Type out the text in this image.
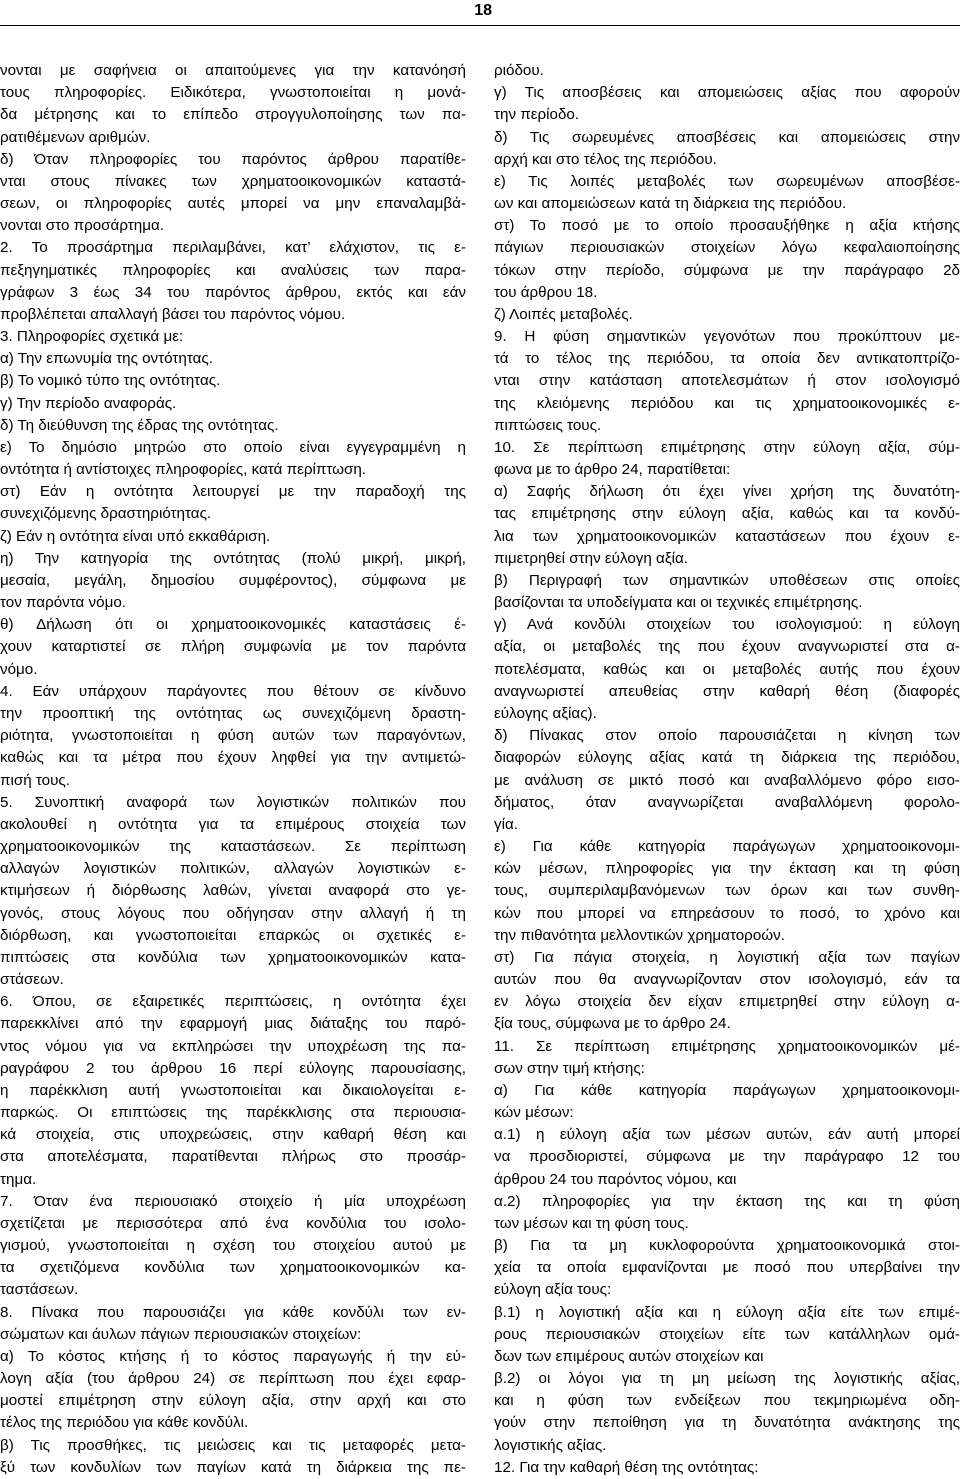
18
νονται με σαφήνεια οι απαιτούμενες για την κατανόησή
τους πληροφορίες. Ειδικότερα, γνωστοποιείται η μονά-
δα μέτρησης και το επίπεδο στρογγυλοποίησης των πα-
ρατιθέμενων αριθμών.
δ) Όταν πληροφορίες του παρόντος άρθρου παρατίθε-
νται στους πίνακες των χρηματοοικονομικών καταστά-
σεων, οι πληροφορίες αυτές μπορεί να μην επαναλαμβά-
νονται στο προσάρτημα.
2. Το προσάρτημα περιλαμβάνει, κατ’ ελάχιστον, τις ε-
πεξηγηματικές πληροφορίες και αναλύσεις των παρα-
γράφων 3 έως 34 του παρόντος άρθρου, εκτός και εάν
προβλέπεται απαλλαγή βάσει του παρόντος νόμου.
3. Πληροφορίες σχετικά με:
α) Την επωνυμία της οντότητας.
β) Το νομικό τύπο της οντότητας.
γ) Την περίοδο αναφοράς.
δ) Τη διεύθυνση της έδρας της οντότητας.
ε) Το δημόσιο μητρώο στο οποίο είναι εγγεγραμμένη η
οντότητα ή αντίστοιχες πληροφορίες, κατά περίπτωση.
στ) Εάν η οντότητα λειτουργεί με την παραδοχή της
συνεχιζόμενης δραστηριότητας.
ζ) Εάν η οντότητα είναι υπό εκκαθάριση.
η) Την κατηγορία της οντότητας (πολύ μικρή, μικρή,
μεσαία, μεγάλη, δημοσίου συμφέροντος), σύμφωνα με
τον παρόντα νόμο.
θ) Δήλωση ότι οι χρηματοοικονομικές καταστάσεις έ-
χουν καταρτιστεί σε πλήρη συμφωνία με τον παρόντα
νόμο.
4. Εάν υπάρχουν παράγοντες που θέτουν σε κίνδυνο
την προοπτική της οντότητας ως συνεχιζόμενη δραστη-
ριότητα, γνωστοποιείται η φύση αυτών των παραγόντων,
καθώς και τα μέτρα που έχουν ληφθεί για την αντιμετώ-
πισή τους.
5. Συνοπτική αναφορά των λογιστικών πολιτικών που
ακολουθεί η οντότητα για τα επιμέρους στοιχεία των
χρηματοοικονομικών της καταστάσεων. Σε περίπτωση
αλλαγών λογιστικών πολιτικών, αλλαγών λογιστικών ε-
κτιμήσεων ή διόρθωσης λαθών, γίνεται αναφορά στο γε-
γονός, στους λόγους που οδήγησαν στην αλλαγή ή τη
διόρθωση, και γνωστοποιείται επαρκώς οι σχετικές ε-
πιπτώσεις στα κονδύλια των χρηματοοικονομικών κατα-
στάσεων.
6. Όπου, σε εξαιρετικές περιπτώσεις, η οντότητα έχει
παρεκκλίνει από την εφαρμογή μιας διάταξης του παρό-
ντος νόμου για να εκπληρώσει την υποχρέωση της πα-
ραγράφου 2 του άρθρου 16 περί εύλογης παρουσίασης,
η παρέκκλιση αυτή γνωστοποιείται και δικαιολογείται ε-
παρκώς. Οι επιπτώσεις της παρέκκλισης στα περιουσια-
κά στοιχεία, στις υποχρεώσεις, στην καθαρή θέση και
στα αποτελέσματα, παρατίθενται πλήρως στο προσάρ-
τημα.
7. Όταν ένα περιουσιακό στοιχείο ή μία υποχρέωση
σχετίζεται με περισσότερα από ένα κονδύλια του ισολο-
γισμού, γνωστοποιείται η σχέση του στοιχείου αυτού με
τα σχετιζόμενα κονδύλια των χρηματοοικονομικών κα-
ταστάσεων.
8. Πίνακα που παρουσιάζει για κάθε κονδύλι των εν-
σώματων και άυλων πάγιων περιουσιακών στοιχείων:
α) Το κόστος κτήσης ή το κόστος παραγωγής ή την εύ-
λογη αξία (του άρθρου 24) σε περίπτωση που έχει εφαρ-
μοστεί επιμέτρηση στην εύλογη αξία, στην αρχή και στο
τέλος της περιόδου για κάθε κονδύλι.
β) Τις προσθήκες, τις μειώσεις και τις μεταφορές μετα-
ξύ των κονδυλίων των παγίων κατά τη διάρκεια της πε-
ριόδου.
γ) Τις αποσβέσεις και απομειώσεις αξίας που αφορούν
την περίοδο.
δ) Τις σωρευμένες αποσβέσεις και απομειώσεις στην
αρχή και στο τέλος της περιόδου.
ε) Τις λοιπές μεταβολές των σωρευμένων αποσβέσε-
ων και απομειώσεων κατά τη διάρκεια της περιόδου.
στ) Το ποσό με το οποίο προσαυξήθηκε η αξία κτήσης
πάγιων περιουσιακών στοιχείων λόγω κεφαλαιοποίησης
τόκων στην περίοδο, σύμφωνα με την παράγραφο 2δ
του άρθρου 18.
ζ) Λοιπές μεταβολές.
9. Η φύση σημαντικών γεγονότων που προκύπτουν με-
τά το τέλος της περιόδου, τα οποία δεν αντικατοπτρίζο-
νται στην κατάσταση αποτελεσμάτων ή στον ισολογισμό
της κλειόμενης περιόδου και τις χρηματοοικονομικές ε-
πιπτώσεις τους.
10. Σε περίπτωση επιμέτρησης στην εύλογη αξία, σύμ-
φωνα με το άρθρο 24, παρατίθεται:
α) Σαφής δήλωση ότι έχει γίνει χρήση της δυνατότη-
τας επιμέτρησης στην εύλογη αξία, καθώς και τα κονδύ-
λια των χρηματοοικονομικών καταστάσεων που έχουν ε-
πιμετρηθεί στην εύλογη αξία.
β) Περιγραφή των σημαντικών υποθέσεων στις οποίες
βασίζονται τα υποδείγματα και οι τεχνικές επιμέτρησης.
γ) Ανά κονδύλι στοιχείων του ισολογισμού: η εύλογη
αξία, οι μεταβολές της που έχουν αναγνωριστεί στα α-
ποτελέσματα, καθώς και οι μεταβολές αυτής που έχουν
αναγνωριστεί απευθείας στην καθαρή θέση (διαφορές
εύλογης αξίας).
δ) Πίνακας στον οποίο παρουσιάζεται η κίνηση των
διαφορών εύλογης αξίας κατά τη διάρκεια της περιόδου,
με ανάλυση σε μικτό ποσό και αναβαλλόμενο φόρο εισο-
δήματος, όταν αναγνωρίζεται αναβαλλόμενη φορολο-
γία.
ε) Για κάθε κατηγορία παράγωγων χρηματοοικονομι-
κών μέσων, πληροφορίες για την έκταση και τη φύση
τους, συμπεριλαμβανόμενων των όρων και των συνθη-
κών που μπορεί να επηρεάσουν το ποσό, το χρόνο και
την πιθανότητα μελλοντικών χρηματοροών.
στ) Για πάγια στοιχεία, η λογιστική αξία των παγίων
αυτών που θα αναγνωρίζονταν στον ισολογισμό, εάν τα
εν λόγω στοιχεία δεν είχαν επιμετρηθεί στην εύλογη α-
ξία τους, σύμφωνα με το άρθρο 24.
11. Σε περίπτωση επιμέτρησης χρηματοοικονομικών μέ-
σων στην τιμή κτήσης:
α) Για κάθε κατηγορία παράγωγων χρηματοοικονομι-
κών μέσων:
α.1) η εύλογη αξία των μέσων αυτών, εάν αυτή μπορεί
να προσδιοριστεί, σύμφωνα με την παράγραφο 12 του
άρθρου 24 του παρόντος νόμου, και
α.2) πληροφορίες για την έκταση της και τη φύση
των μέσων και τη φύση τους.
β) Για τα μη κυκλοφορούντα χρηματοοικονομικά στοι-
χεία τα οποία εμφανίζονται με ποσό που υπερβαίνει την
εύλογη αξία τους:
β.1) η λογιστική αξία και η εύλογη αξία είτε των επιμέ-
ρους περιουσιακών στοιχείων είτε των κατάλληλων ομά-
δων των επιμέρους αυτών στοιχείων και
β.2) οι λόγοι για τη μη μείωση της λογιστικής αξίας,
και η φύση των ενδείξεων που τεκμηριωμένα οδη-
γούν στην πεποίθηση για τη δυνατότητα ανάκτησης της
λογιστικής αξίας.
12. Για την καθαρή θέση της οντότητας:
